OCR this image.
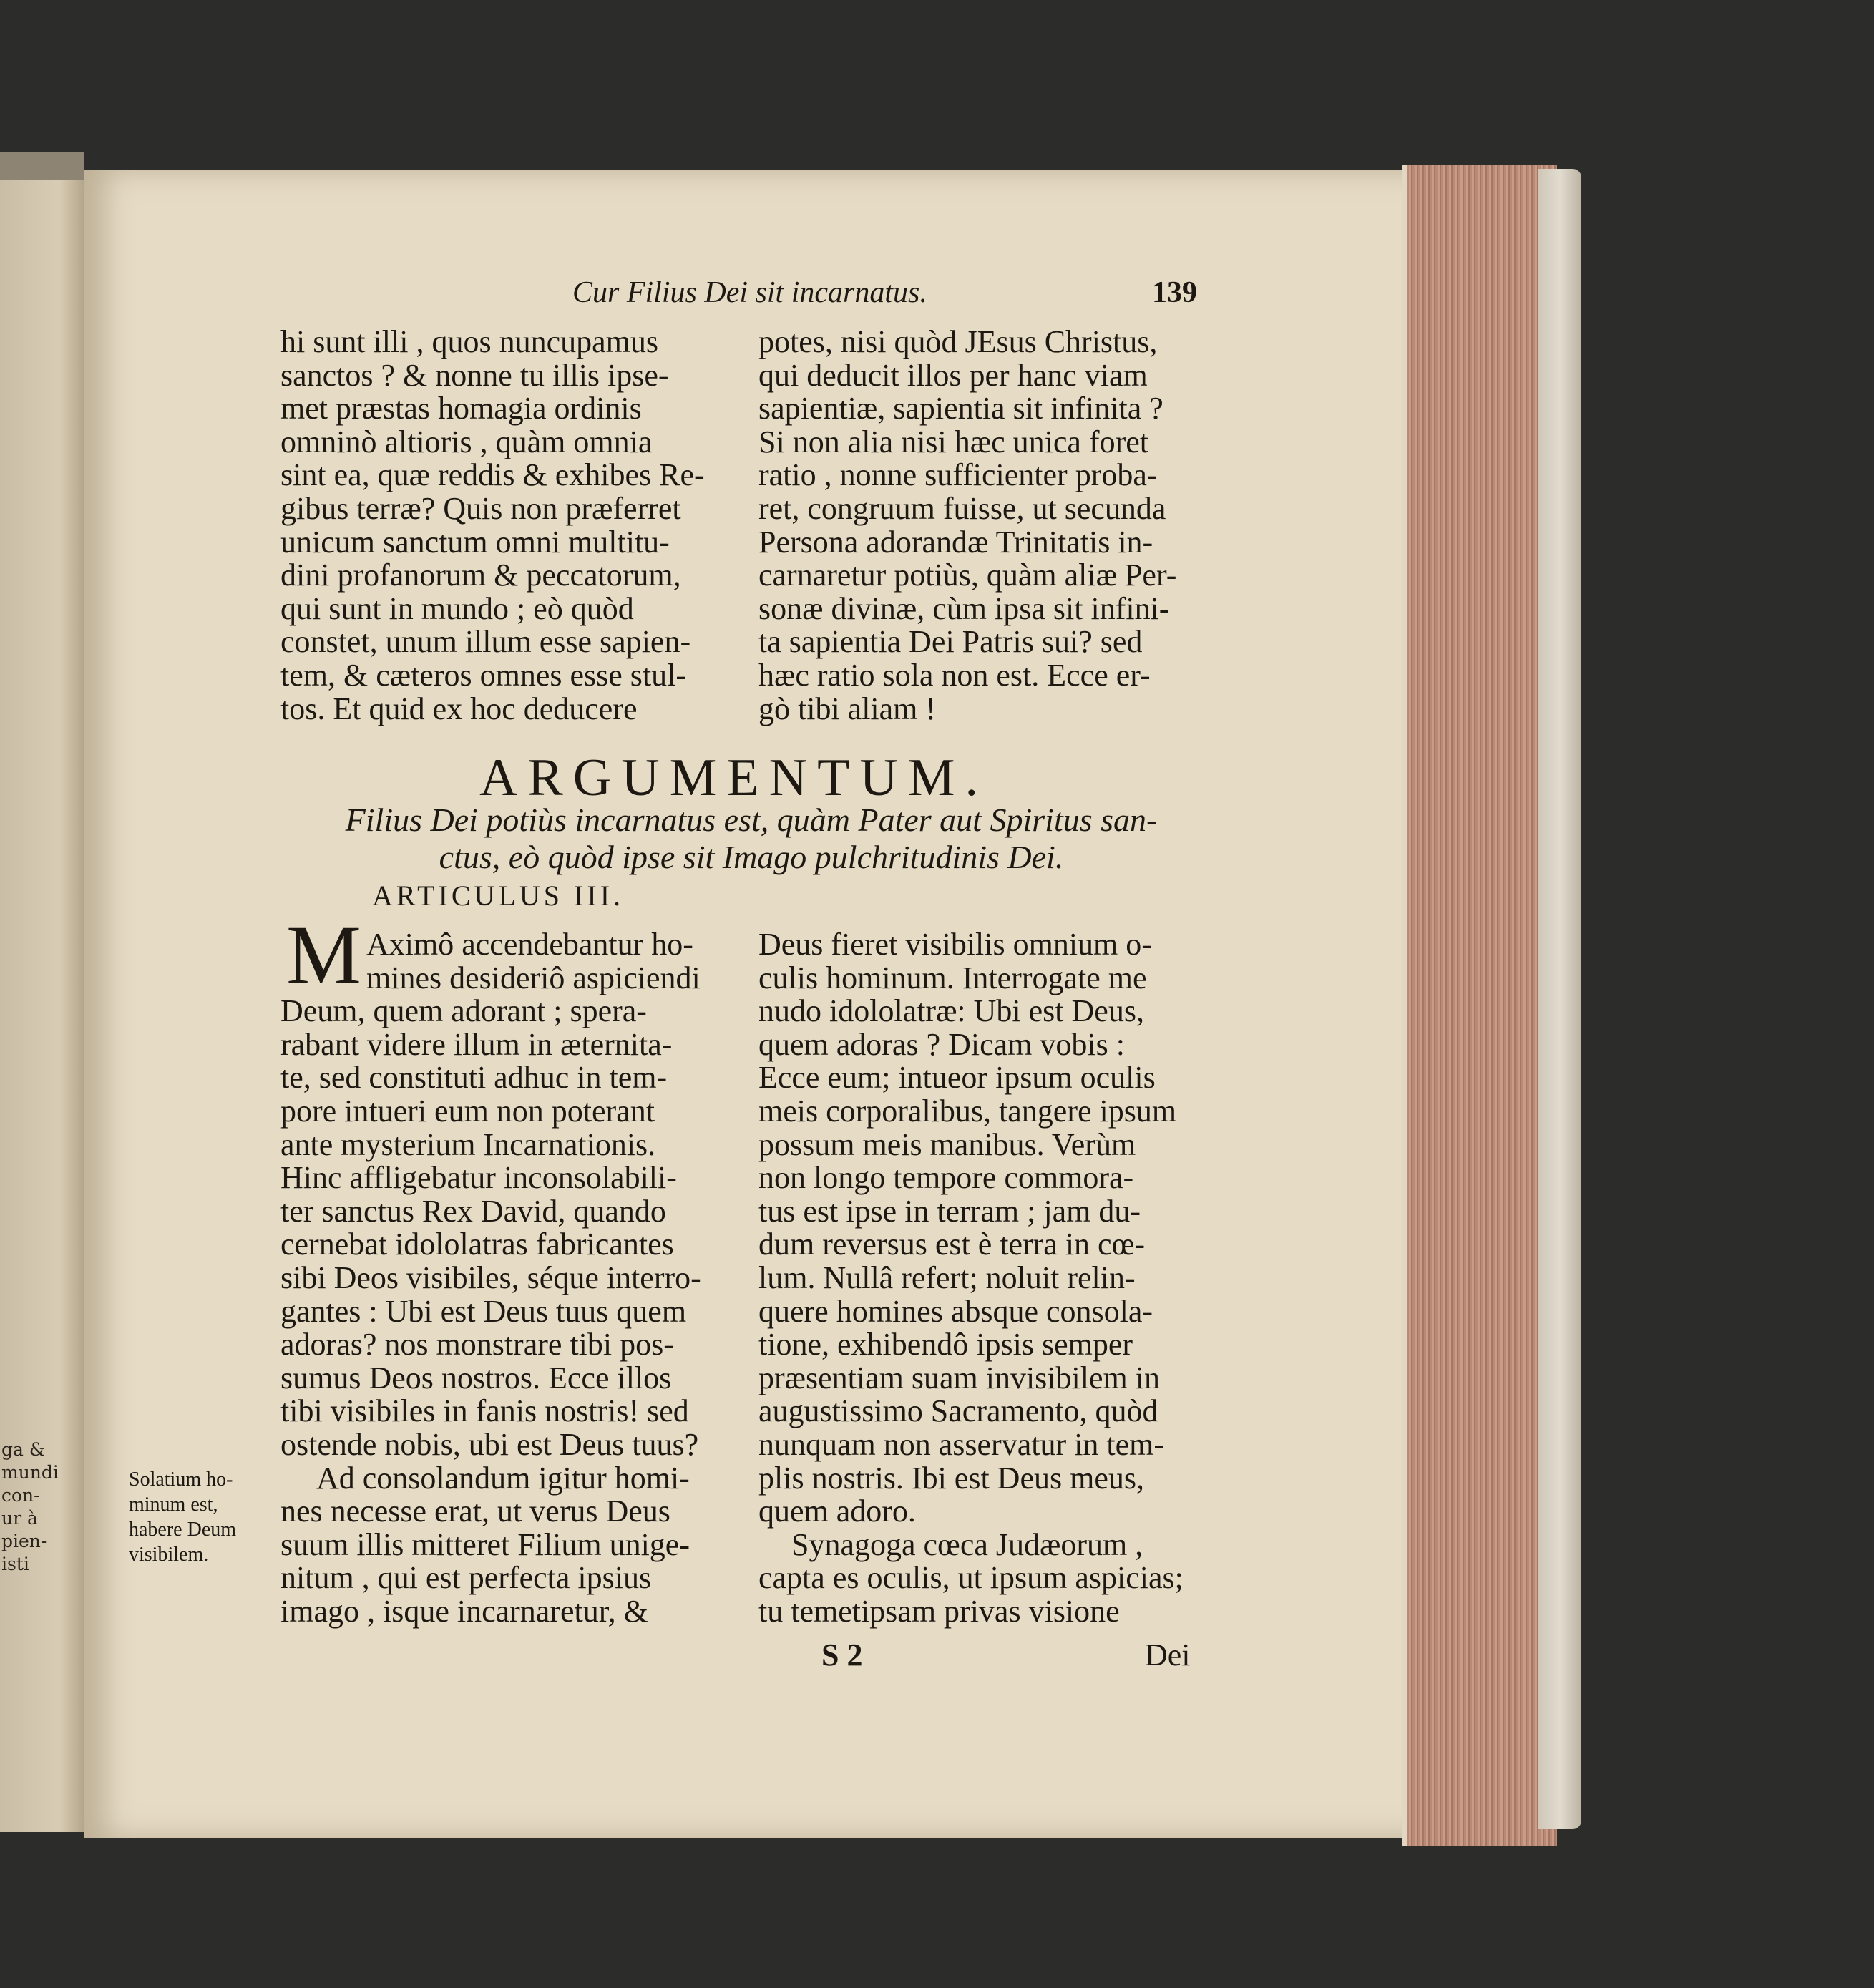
ga &
mundi
con-
ur à
pien-
isti
Cur Filius Dei sit incarnatus.	139
hi sunt illi , quos nuncupamus
sanctos ? & nonne tu illis ipse-
met præstas homagia ordinis
omninò altioris , quàm omnia
sint ea, quæ reddis & exhibes Re-
gibus terræ? Quis non præferret
unicum sanctum omni multitu-
dini profanorum & peccatorum,
qui sunt in mundo ; eò quòd
constet, unum illum esse sapien-
tem, & cæteros omnes esse stul-
tos. Et quid ex hoc deducere
potes, nisi quòd JEsus Christus,
qui deducit illos per hanc viam
sapientiæ, sapientia sit infinita ?
Si non alia nisi hæc unica foret
ratio , nonne sufficienter proba-
ret, congruum fuisse, ut secunda
Persona adorandæ Trinitatis in-
carnaretur potiùs, quàm aliæ Per-
sonæ divinæ, cùm ipsa sit infini-
ta sapientia Dei Patris sui? sed
hæc ratio sola non est. Ecce er-
gò tibi aliam !
ARGUMENTUM.
Filius Dei potiùs incarnatus est, quàm Pater aut Spiritus san-
ctus, eò quòd ipse sit Imago pulchritudinis Dei.
ARTICULUS III.
M Aximô accendebantur ho-
mines desideriô aspiciendi
Deum, quem adorant ; spera-
rabant videre illum in æternita-
te, sed constituti adhuc in tem-
pore intueri eum non poterant
ante mysterium Incarnationis.
Hinc affligebatur inconsolabili-
ter sanctus Rex David, quando
cernebat idololatras fabricantes
sibi Deos visibiles, séque interro-
gantes : Ubi est Deus tuus quem
adoras? nos monstrare tibi pos-
sumus Deos nostros. Ecce illos
tibi visibiles in fanis nostris! sed
ostende nobis, ubi est Deus tuus?
Ad consolandum igitur homi-
nes necesse erat, ut verus Deus
suum illis mitteret Filium unige-
nitum , qui est perfecta ipsius
imago , isque incarnaretur, &
Deus fieret visibilis omnium o-
culis hominum. Interrogate me
nudo idololatræ: Ubi est Deus,
quem adoras ? Dicam vobis :
Ecce eum; intueor ipsum oculis
meis corporalibus, tangere ipsum
possum meis manibus. Verùm
non longo tempore commora-
tus est ipse in terram ; jam du-
dum reversus est è terra in cœ-
lum. Nullâ refert; noluit relin-
quere homines absque consola-
tione, exhibendô ipsis semper
præsentiam suam invisibilem in
augustissimo Sacramento, quòd
nunquam non asservatur in tem-
plis nostris. Ibi est Deus meus,
quem adoro.
Synagoga cœca Judæorum ,
capta es oculis, ut ipsum aspicias;
tu temetipsam privas visione
Solatium ho-
minum est,
habere Deum
visibilem.
S 2	Dei
